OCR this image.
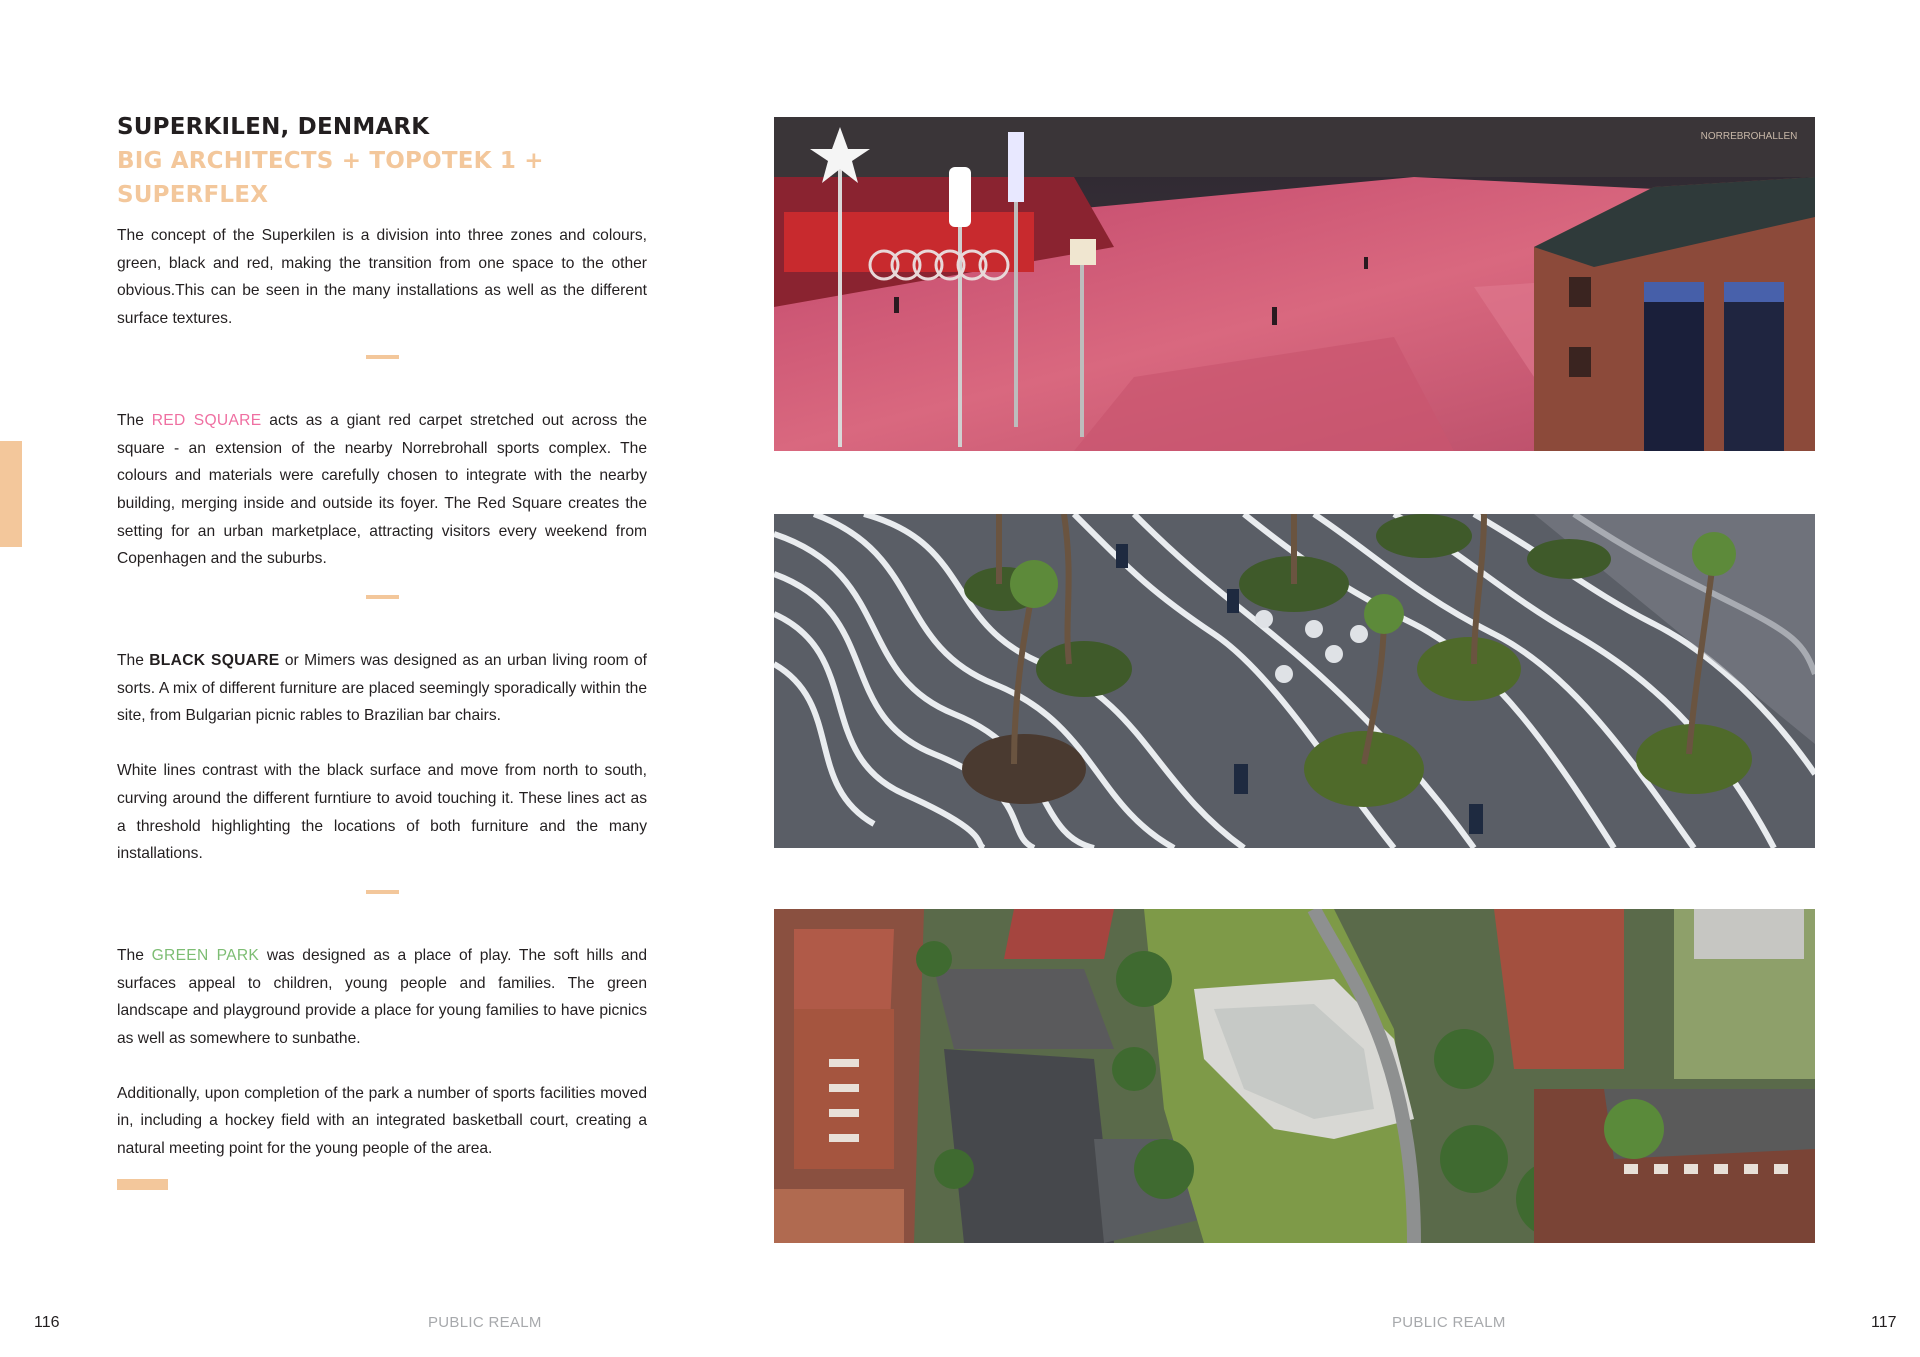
SUPERKILEN, DENMARK
BIG ARCHITECTS + TOPOTEK 1 + SUPERFLEX

The concept of the Superkilen is a division into three zones and colours, green, black and red, making the transition from one space to the other obvious.This can be seen in the many installations as well as the different surface textures.

The RED SQUARE acts as a giant red carpet stretched out across the square - an extension of the nearby Norrebrohall sports complex. The colours and materials were carefully chosen to integrate with the nearby building, merging inside and outside its foyer. The Red Square creates the setting for an urban marketplace, attracting visitors every weekend from Copenhagen and the suburbs.

The BLACK SQUARE or Mimers was designed as an urban living room of sorts. A mix of different furniture are placed seemingly sporadically within the site, from Bulgarian picnic rables to Brazilian bar chairs.

White lines contrast with the black surface and move from north to south, curving around the different furntiure to avoid touching it. These lines act as a threshold highlighting the locations of both furniture and the many installations.

The GREEN PARK was designed as a place of play. The soft hills and surfaces appeal to children, young people and families. The green landscape and playground provide a place for young families to have picnics as well as somewhere to sunbathe.

Additionally, upon completion of the park a number of sports facilities moved in, including a hockey field with an integrated basketball court, creating a natural meeting point for the young people of the area.

NORREBROHALLEN
116	PUBLIC REALM	PUBLIC REALM	117
